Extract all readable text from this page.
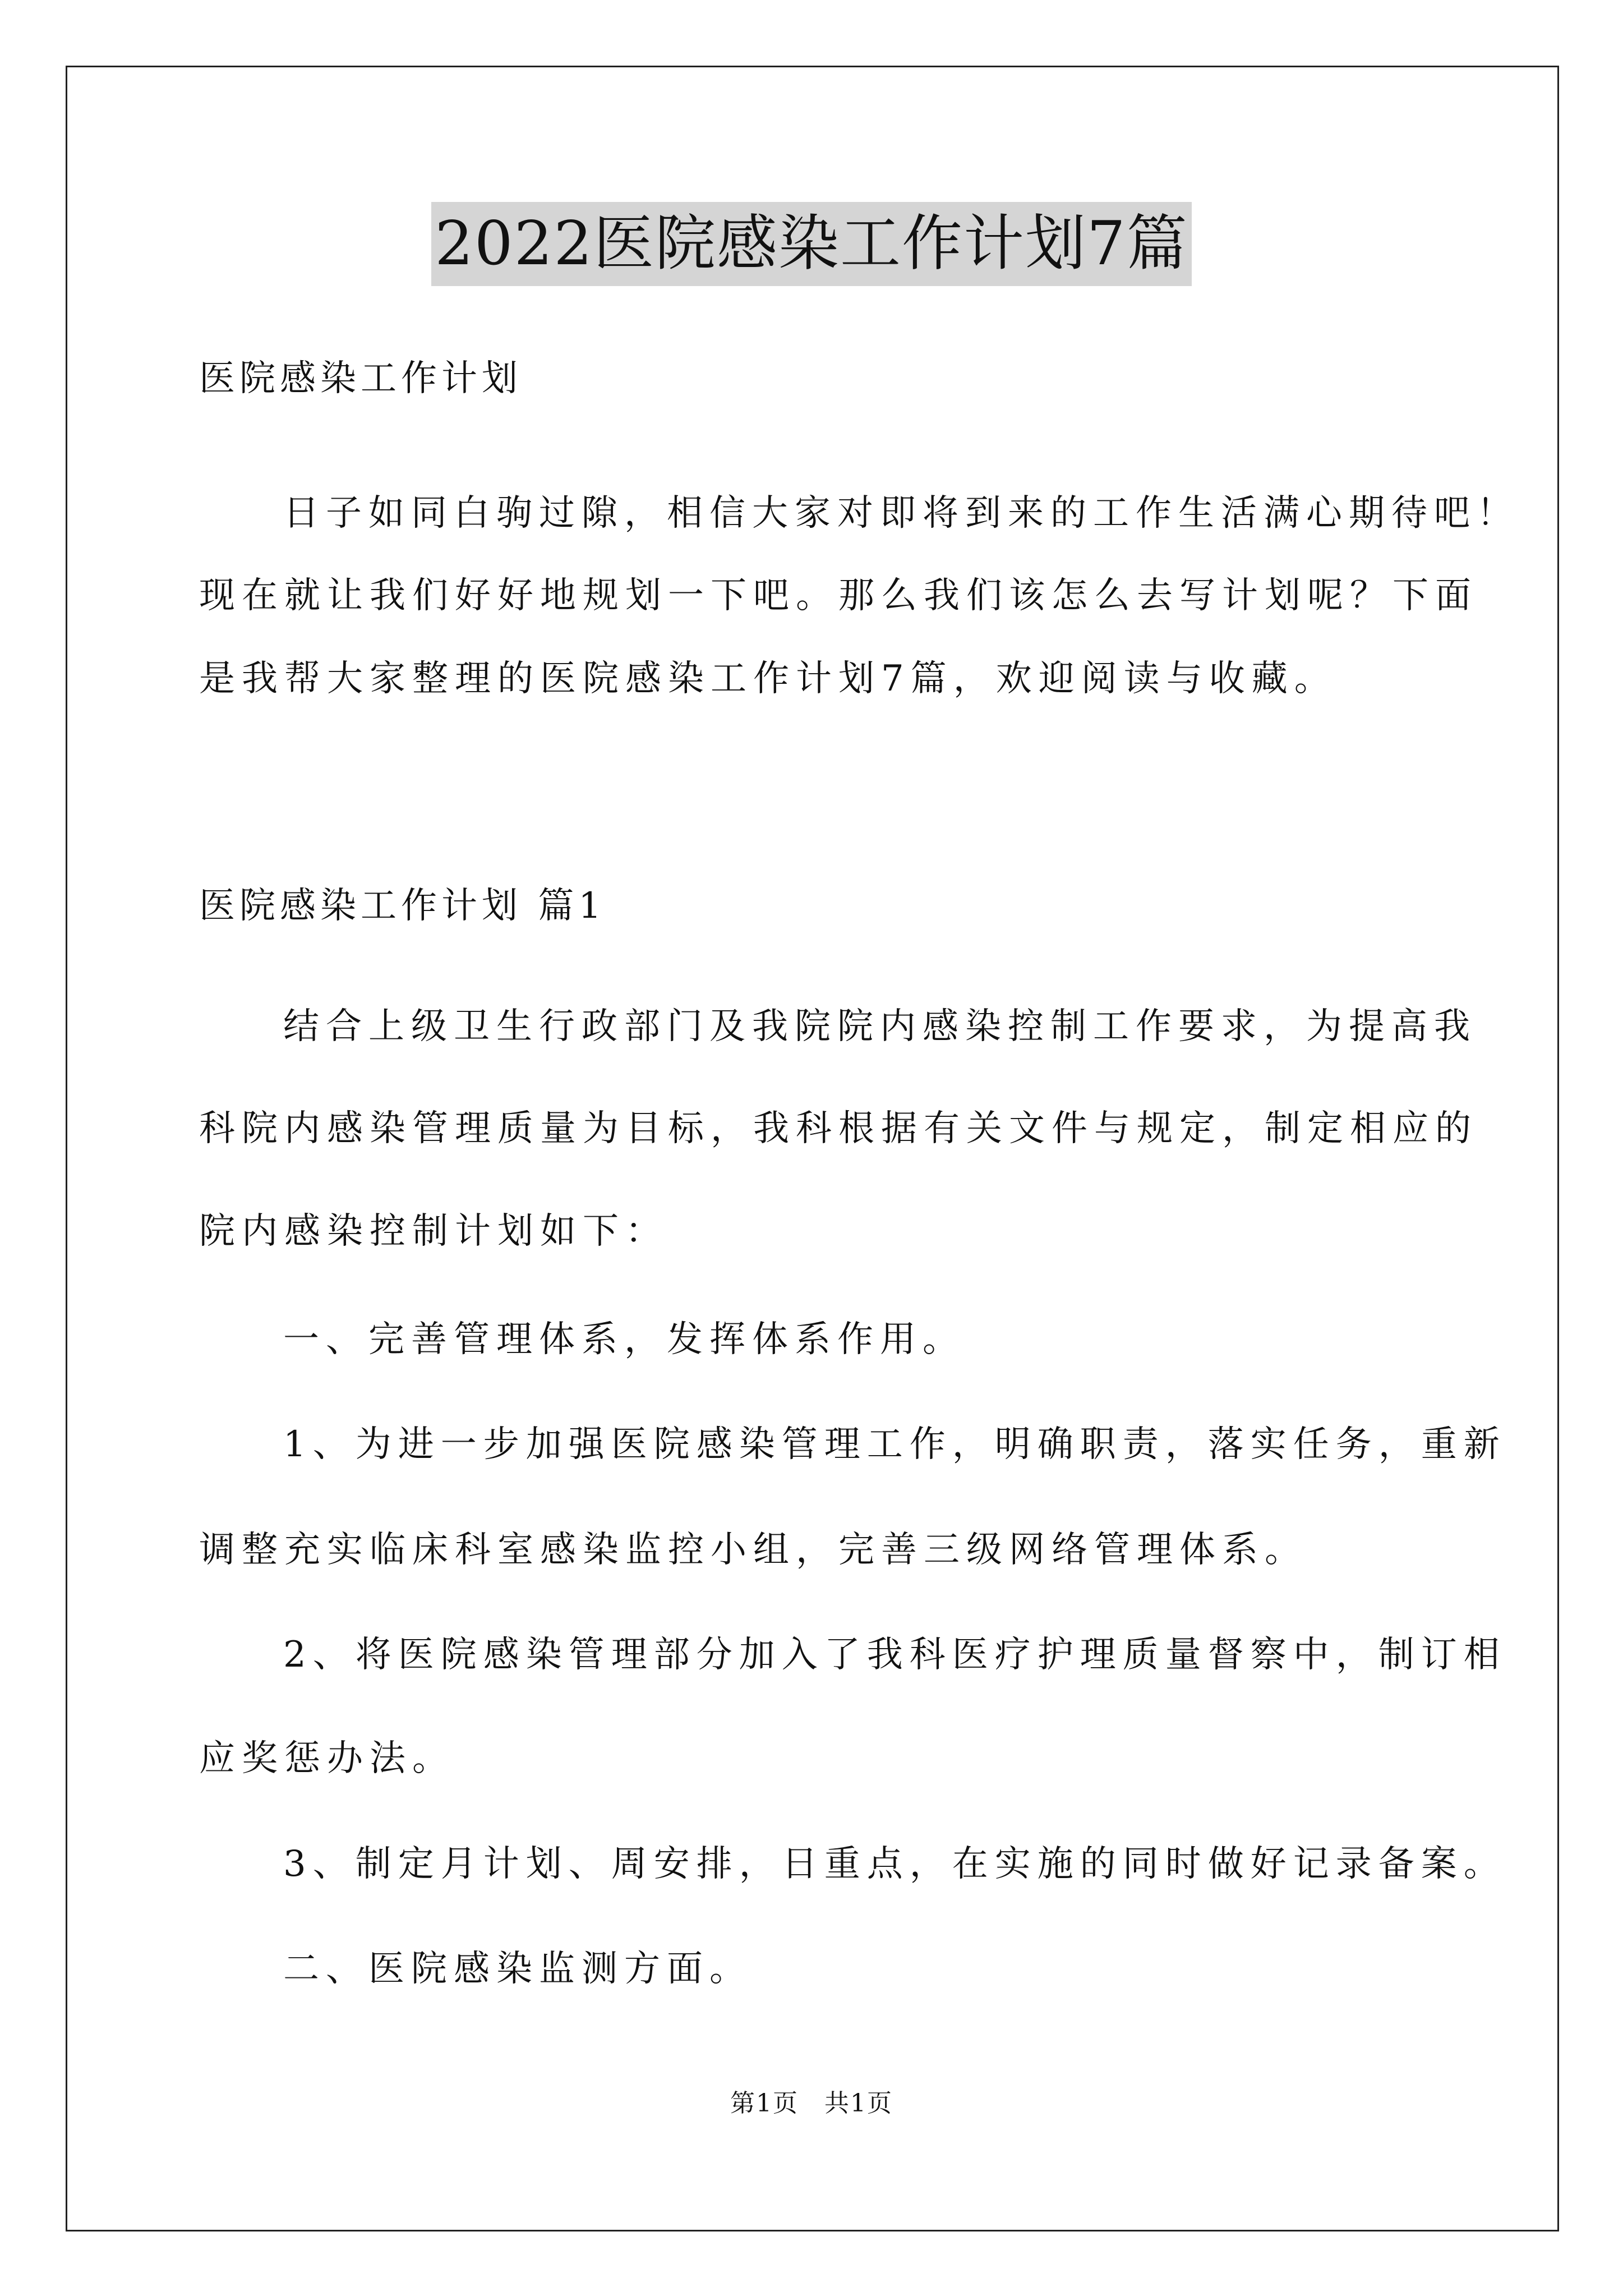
2022医院感染工作计划7篇

医院感染工作计划

日子如同白驹过隙，相信大家对即将到来的工作生活满心期待吧！

现在就让我们好好地规划一下吧。那么我们该怎么去写计划呢？下面

是我帮大家整理的医院感染工作计划7篇，欢迎阅读与收藏。

医院感染工作计划 篇1

结合上级卫生行政部门及我院院内感染控制工作要求，为提高我

科院内感染管理质量为目标，我科根据有关文件与规定，制定相应的

院内感染控制计划如下：

一、完善管理体系，发挥体系作用。

1、为进一步加强医院感染管理工作，明确职责，落实任务，重新

调整充实临床科室感染监控小组，完善三级网络管理体系。

2、将医院感染管理部分加入了我科医疗护理质量督察中，制订相

应奖惩办法。

3、制定月计划、周安排，日重点，在实施的同时做好记录备案。

二、医院感染监测方面。

第1页　共1页
